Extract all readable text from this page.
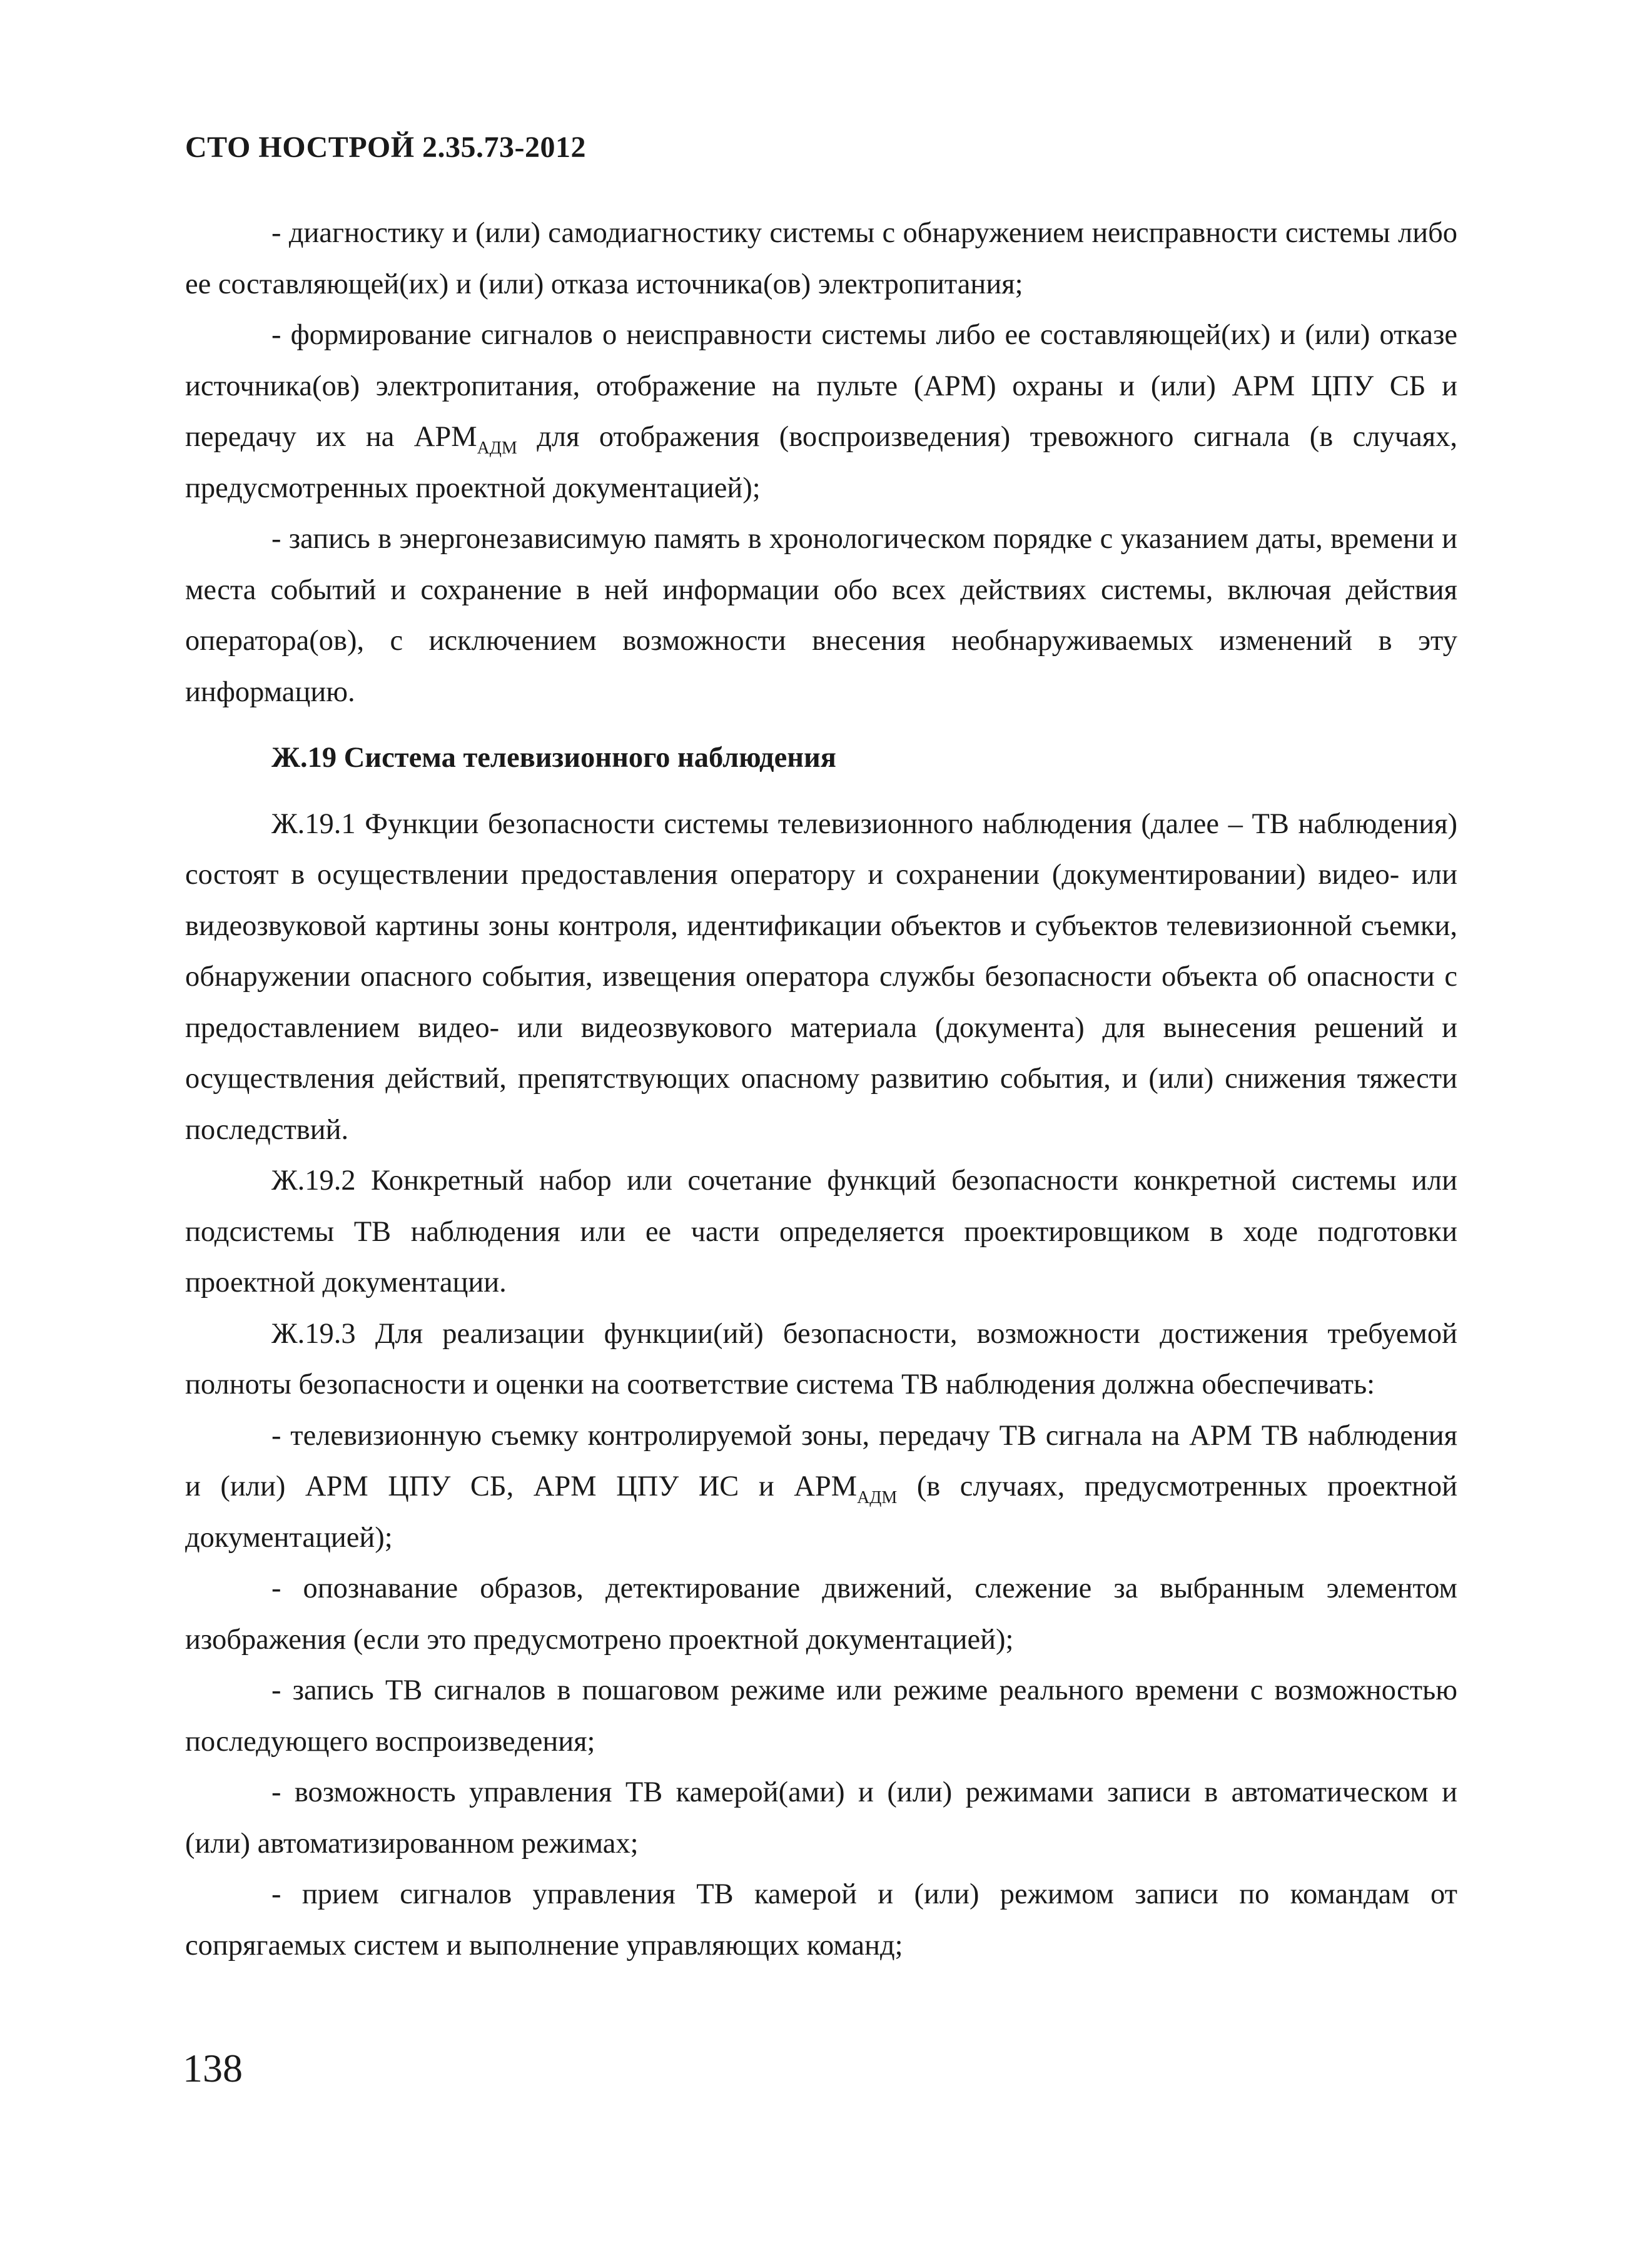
СТО НОСТРОЙ 2.35.73-2012

- диагностику и (или) самодиагностику системы с обнаружением неисправности системы либо ее составляющей(их) и (или) отказа источника(ов) электропитания;

- формирование сигналов о неисправности системы либо ее составляющей(их) и (или) отказе источника(ов) электропитания, отображение на пульте (АРМ) охраны и (или) АРМ ЦПУ СБ и передачу их на $АРМ_{АДМ}$ для отображения (воспроизведения) тревожного сигнала (в случаях, предусмотренных проектной документацией);

- запись в энергонезависимую память в хронологическом порядке с указанием даты, времени и места событий и сохранение в ней информации обо всех действиях системы, включая действия оператора(ов), с исключением возможности внесения необнаруживаемых изменений в эту информацию.

Ж.19 Система телевизионного наблюдения

Ж.19.1 Функции безопасности системы телевизионного наблюдения (далее – ТВ наблюдения) состоят в осуществлении предоставления оператору и сохранении (документировании) видео- или видеозвуковой картины зоны контроля, идентификации объектов и субъектов телевизионной съемки, обнаружении опасного события, извещения оператора службы безопасности объекта об опасности с предоставлением видео- или видеозвукового материала (документа) для вынесения решений и осуществления действий, препятствующих опасному развитию события, и (или) снижения тяжести последствий.

Ж.19.2 Конкретный набор или сочетание функций безопасности конкретной системы или подсистемы ТВ наблюдения или ее части определяется проектировщиком в ходе подготовки проектной документации.

Ж.19.3 Для реализации функции(ий) безопасности, возможности достижения требуемой полноты безопасности и оценки на соответствие система ТВ наблюдения должна обеспечивать:

- телевизионную съемку контролируемой зоны, передачу ТВ сигнала на АРМ ТВ наблюдения и (или) АРМ ЦПУ СБ, АРМ ЦПУ ИС и $АРМ_{АДМ}$ (в случаях, предусмотренных проектной документацией);

- опознавание образов, детектирование движений, слежение за выбранным элементом изображения (если это предусмотрено проектной документацией);

- запись ТВ сигналов в пошаговом режиме или режиме реального времени с возможностью последующего воспроизведения;

- возможность управления ТВ камерой(ами) и (или) режимами записи в автоматическом и (или) автоматизированном режимах;

- прием сигналов управления ТВ камерой и (или) режимом записи по командам от сопрягаемых систем и выполнение управляющих команд;

138
